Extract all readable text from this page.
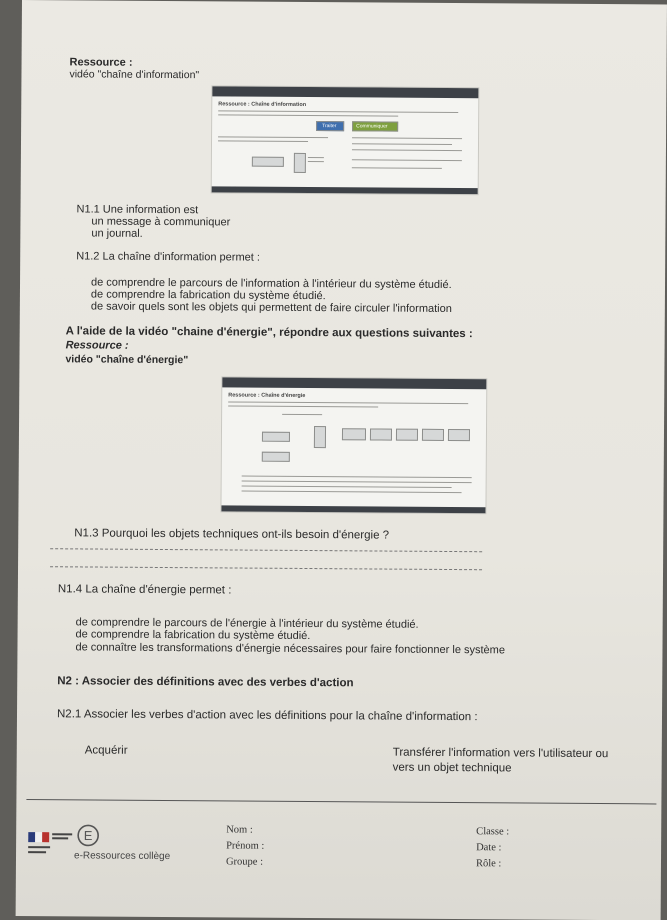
Ressource :
vidéo "chaîne d'information"
Ressource : Chaîne d'information
Traiter	Communiquer
N1.1 Une information est
un message à communiquer
un journal.
N1.2 La chaîne d'information permet :
de comprendre le parcours de l'information à l'intérieur du système étudié.
de comprendre la fabrication du système étudié.
de savoir quels sont les objets qui permettent de faire circuler l'information
A l'aide de la vidéo "chaine d'énergie", répondre aux questions suivantes :
Ressource :
vidéo "chaîne d'énergie"
Ressource : Chaîne d'énergie
N1.3 Pourquoi les objets techniques ont-ils besoin d'énergie ?
N1.4 La chaîne d'énergie permet :
de comprendre le parcours de l'énergie à l'intérieur du système étudié.
de comprendre la fabrication du système étudié.
de connaître les transformations d'énergie nécessaires pour faire fonctionner le système
N2 : Associer des définitions avec des verbes d'action
N2.1 Associer les verbes d'action avec les définitions pour la chaîne d'information :
Acquérir	Transférer l'information vers l'utilisateur ou
vers un objet technique
E
e-Ressources collège
Nom :
Prénom :
Groupe :
Classe :
Date :
Rôle :
